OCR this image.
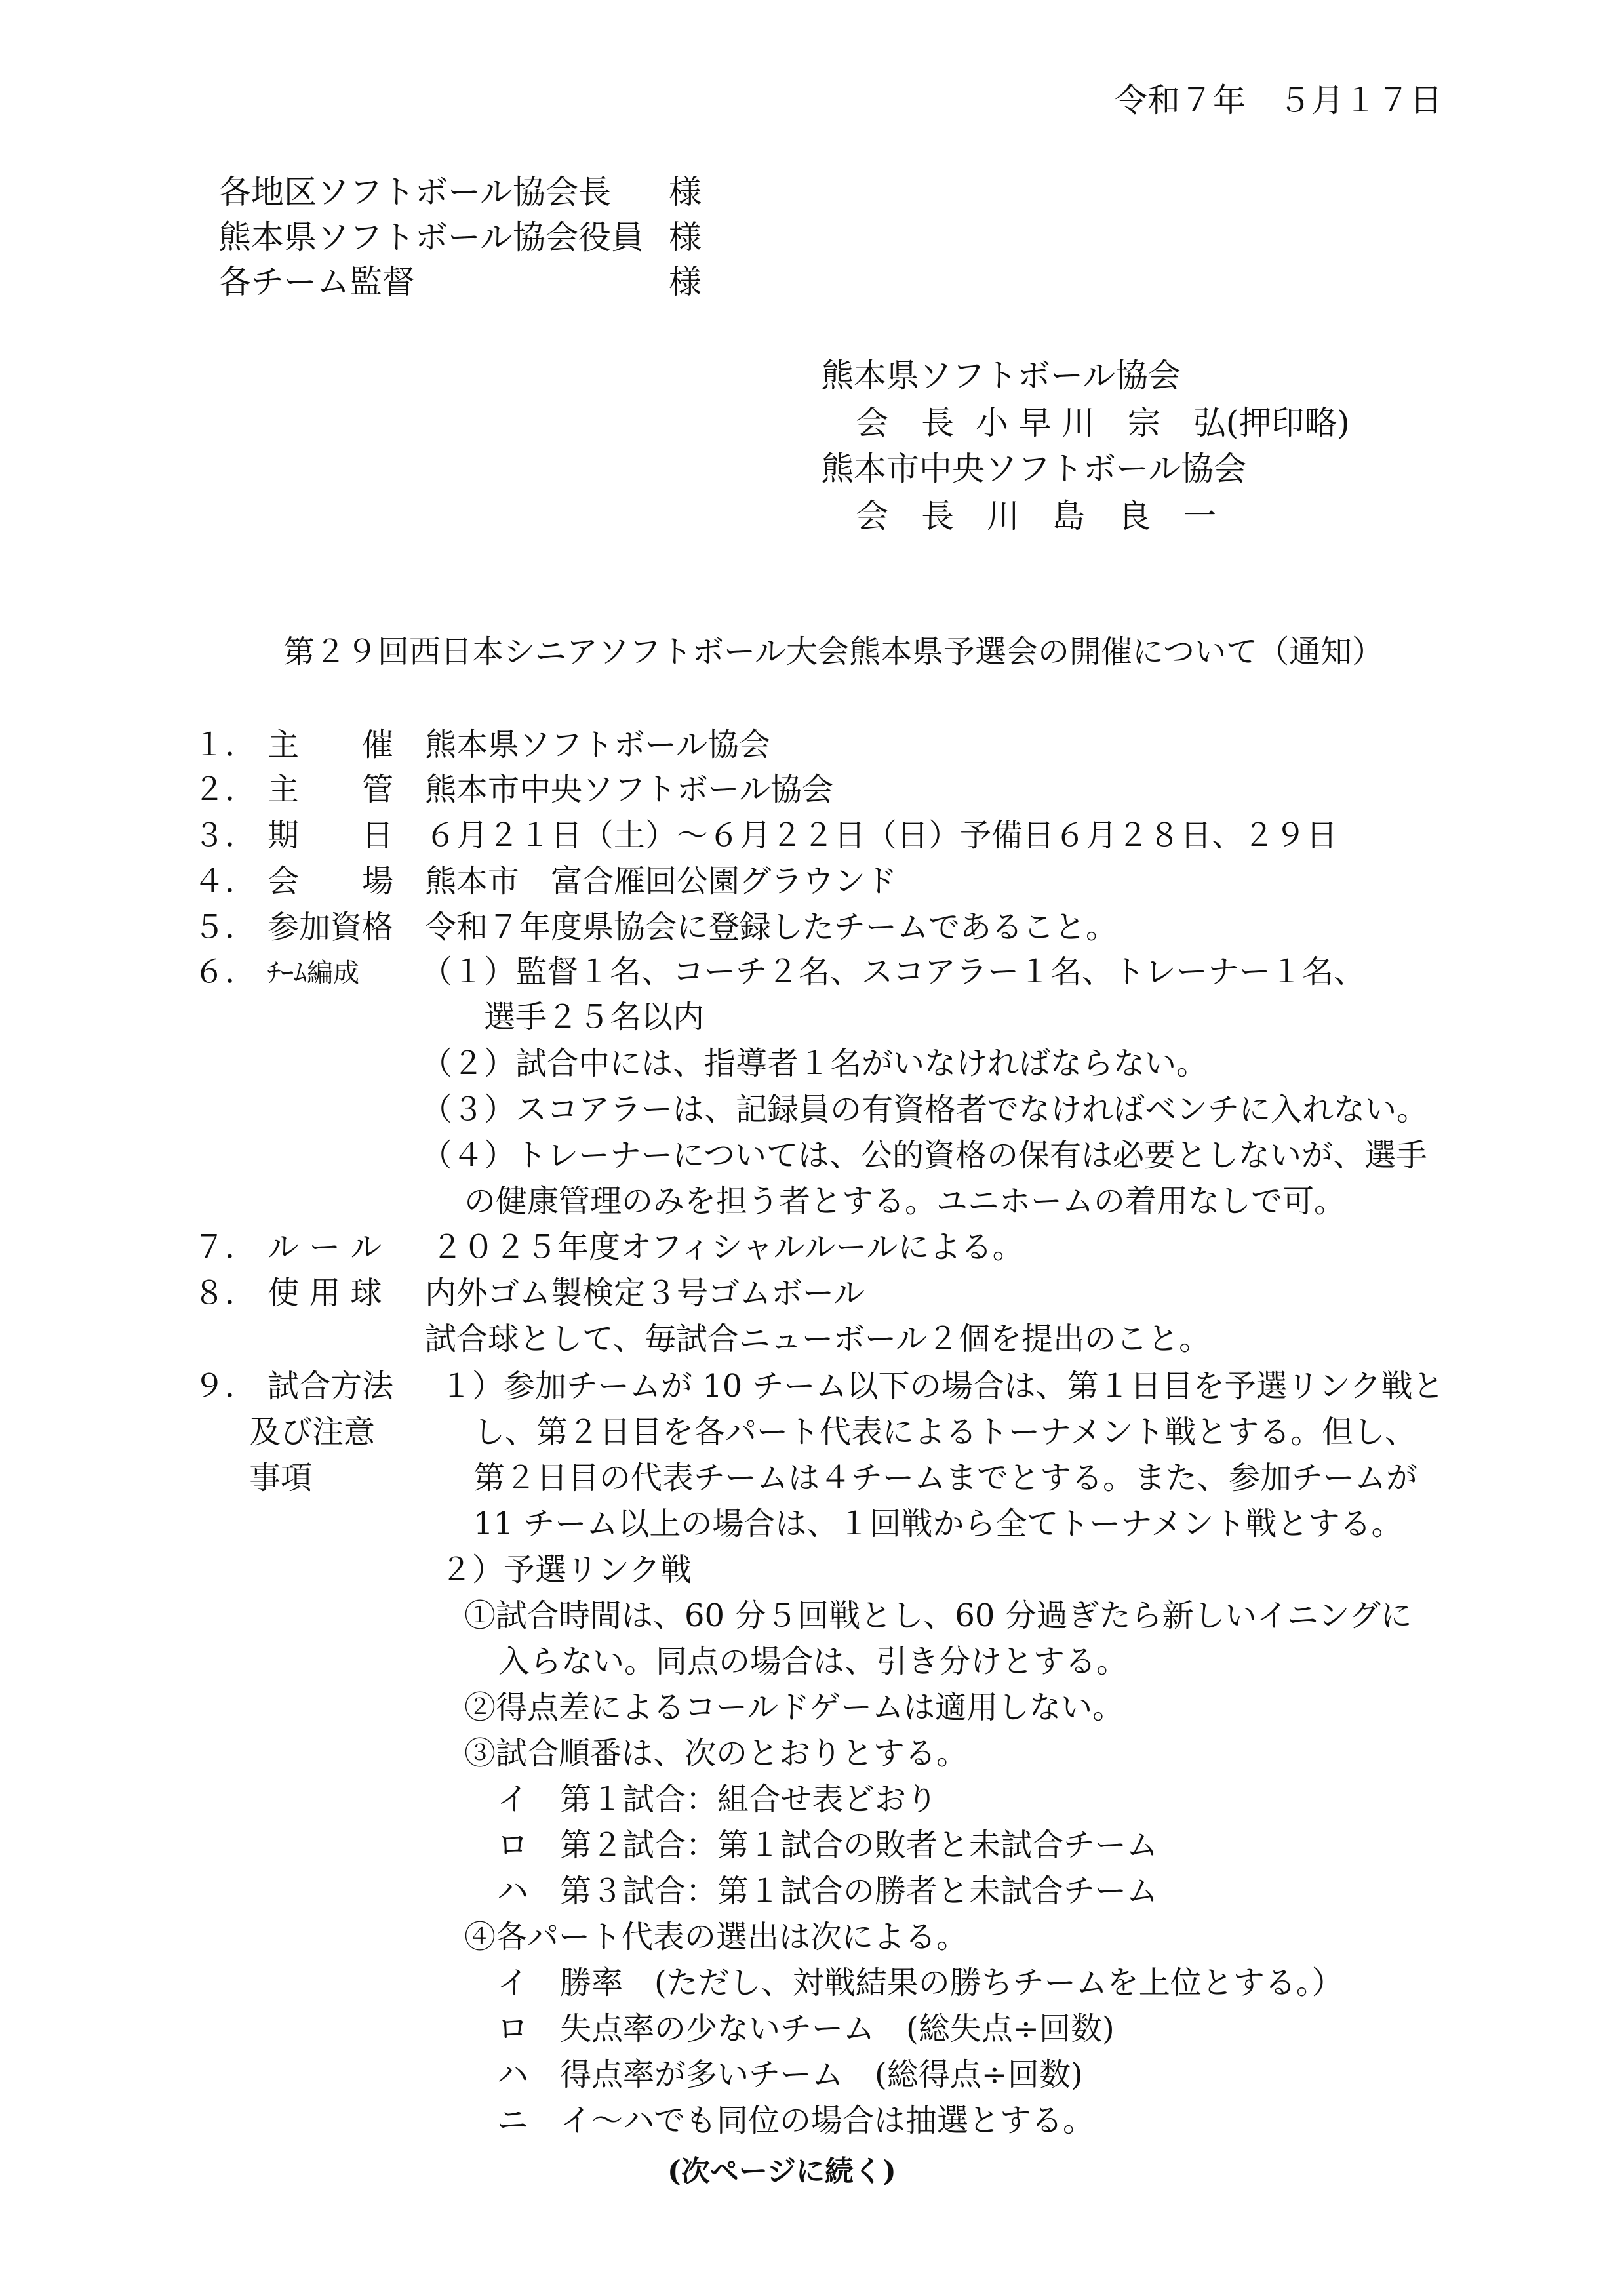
令和７年　５月１７日
各地区ソフトボール協会長 様
熊本県ソフトボール協会役員 様
各チーム監督	様
熊本県ソフトボール協会
会　長 小 早 川　宗　弘(押印略)
熊本市中央ソフトボール協会
会　長 川　島　良　一
第２９回西日本シニアソフトボール大会熊本県予選会の開催について（通知）
１． 主　　催 熊本県ソフトボール協会
２． 主　　管 熊本市中央ソフトボール協会
３． 期　　日 ６月２１日（土）～６月２２日（日）予備日６月２８日、２９日
４． 会　　場 熊本市　富合雁回公園グラウンド
５． 参加資格 令和７年度県協会に登録したチームであること。
６． ﾁｰﾑ編成 （１）監督１名、コーチ２名、スコアラー１名、トレーナー１名、
選手２５名以内
（２）試合中には、指導者１名がいなければならない。
（３）スコアラーは、記録員の有資格者でなければベンチに入れない。
（４）トレーナーについては、公的資格の保有は必要としないが、選手
の健康管理のみを担う者とする。ユニホームの着用なしで可。
７． ル ー ル ２０２５年度オフィシャルルールによる。
８． 使 用 球 内外ゴム製検定３号ゴムボール
試合球として、毎試合ニューボール２個を提出のこと。
９． 試合方法
及び注意
事項
１）参加チームが 10 チーム以下の場合は、第１日目を予選リンク戦と
し、第２日目を各パート代表によるトーナメント戦とする。但し、
第２日目の代表チームは４チームまでとする。また、参加チームが
11 チーム以上の場合は、１回戦から全てトーナメント戦とする。
２）予選リンク戦
①試合時間は、60 分５回戦とし、60 分過ぎたら新しいイニングに
入らない。同点の場合は、引き分けとする。
②得点差によるコールドゲームは適用しない。
③試合順番は、次のとおりとする。
イ　第１試合：組合せ表どおり
ロ　第２試合：第１試合の敗者と未試合チーム
ハ　第３試合：第１試合の勝者と未試合チーム
④各パート代表の選出は次による。
イ　勝率　(ただし、対戦結果の勝ちチームを上位とする。）
ロ　失点率の少ないチーム　(総失点÷回数)
ハ　得点率が多いチーム　(総得点÷回数)
ニ　イ～ハでも同位の場合は抽選とする。
(次ページに続く)
